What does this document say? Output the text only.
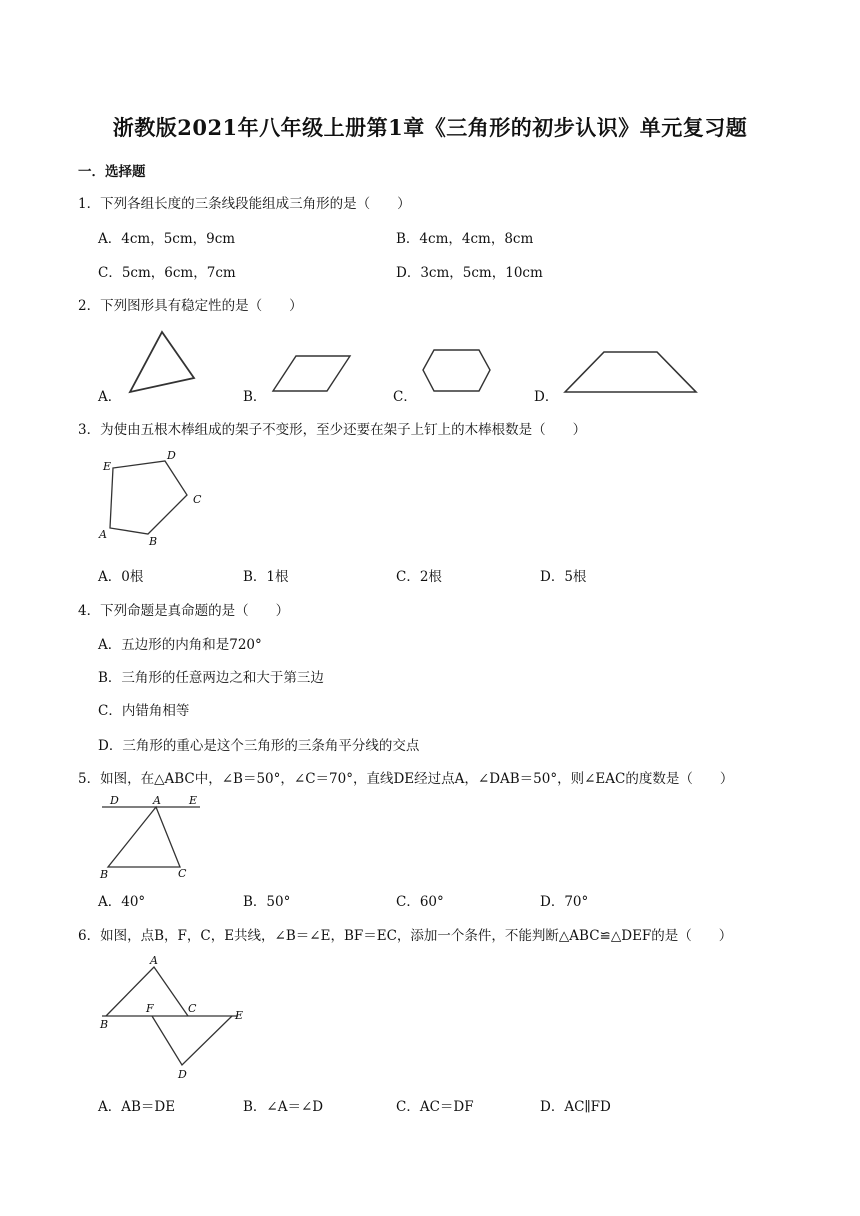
浙教版2021年八年级上册第1章《三角形的初步认识》单元复习题
一．选择题
1．下列各组长度的三条线段能组成三角形的是（　　）
A．4cm，5cm，9cm	B．4cm，4cm，8cm
C．5cm，6cm，7cm	D．3cm，5cm，10cm
2．下列图形具有稳定性的是（　　）
A．	B．	C．	D．
3．为使由五根木棒组成的架子不变形，至少还要在架子上钉上的木棒根数是（　　）
E
D
C
B
A
A．0根	B．1根	C．2根	D．5根
4．下列命题是真命题的是（　　）
A．五边形的内角和是720°
B．三角形的任意两边之和大于第三边
C．内错角相等
D．三角形的重心是这个三角形的三条角平分线的交点
5．如图，在△ABC中，∠B＝50°，∠C＝70°，直线DE经过点A，∠DAB＝50°，则∠EAC的度数是（　　）
D	A	E
B	C
A．40°	B．50°	C．60°	D．70°
6．如图，点B，F，C，E共线，∠B＝∠E，BF＝EC，添加一个条件，不能判断△ABC≌△DEF的是（　　）
A
B
F	C
E
D
A．AB＝DE	B．∠A＝∠D	C．AC＝DF	D．AC∥FD
